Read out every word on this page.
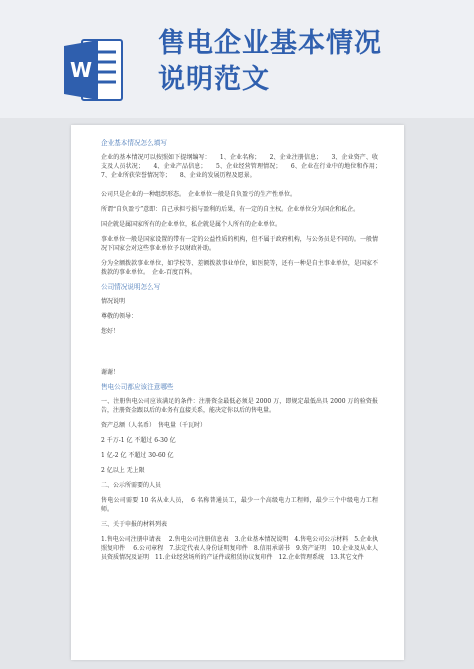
W
售电企业基本情况
说明范文
企业基本情况怎么填写
企业的基本情况可以按照如下提纲编写：　　1、企业名称；　　2、企业注册信息；　　3、企业资产、收支及人员状况；　　4、企业产品信息；　　5、企业经营管理情况；　　6、企业在行业中的地位和作用；　　7、企业所获荣誉情况等；　　8、企业的发展历程及愿景。
公司只是企业的一种组织形态。　企业单位一般是自负盈亏的生产性单位。
所谓“自负盈亏”意即：自己承担亏损与盈利的后果，有一定的自主权。企业单位分为国企和私企。
国企就是属国家所有的企业单位，私企就是属个人所有的企业单位。
事业单位一般是国家设置的带有一定的公益性质的机构，但不属于政府机构，与公务员是不同的。一般情况下国家会对这些事业单位予以财政补助。
分为全额拨款事业单位，如学校等、差额拨款事业单位，如医院等，还有一种是自主事业单位，是国家不拨款的事业单位。　企业-百度百科。
公司情况说明怎么写
情况说明
尊敬的领导：
您好！
谢谢！
售电公司都应该注意哪些
一、注册售电公司应该满足的条件：注册资金最低必须是 2000 万，即规定最低出具 2000 万的验资报告，注册资金跟以后的业务有直接关系，能决定你以后的售电量。
资产总额（人名币）　售电量（千瓦时）
2 千万-1 亿 不超过 6-30 亿
1 亿-2 亿 不超过 30-60 亿
2 亿以上 无上限
二、公示所需要的人员
售电公司需要 10 名从业人员，　6 名称普通员工，最少一个高级电力工程师，最少三个中级电力工程师。
三、关于申报的材料列表
1.售电公司注册申请表　 2.售电公司注册信息表　3.企业基本情况说明　4.售电公司公示材料　5.企业执照复印件　 6.公司章程　7.法定代表人身份证明复印件　8.信用承诺书　9.资产证明　10.企业及从业人员资质情况及证明　11.企业经营场所的产证件或租赁协议复印件　12.企业管理系统　13.其它文件
